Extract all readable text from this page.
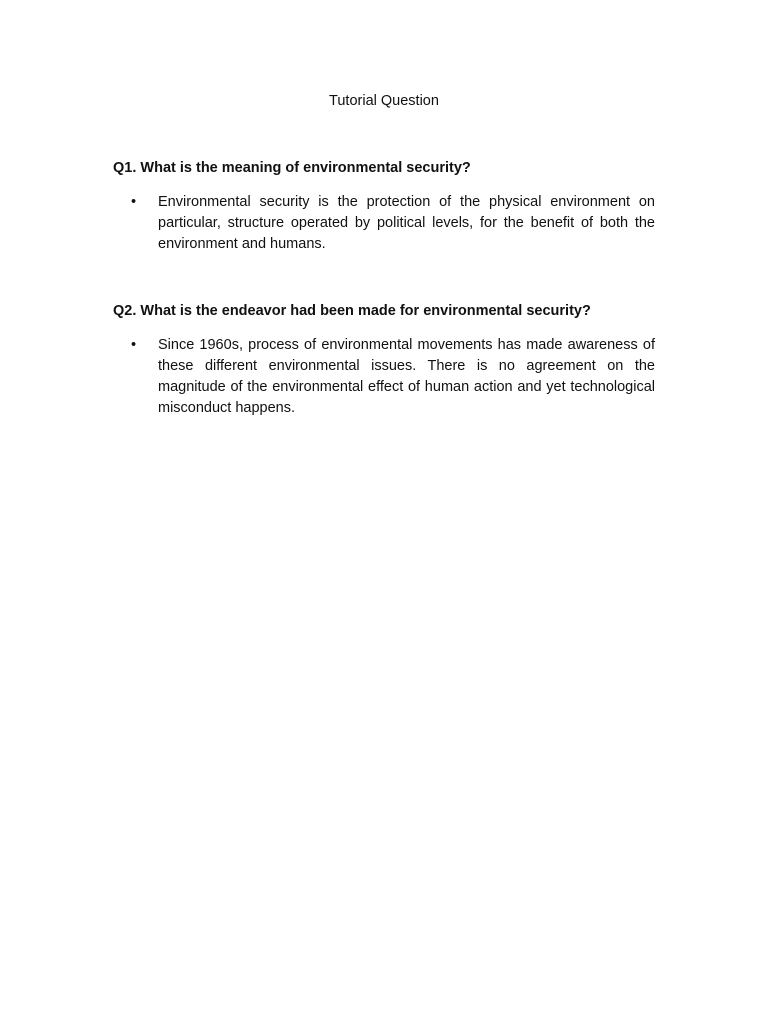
Tutorial Question
Q1. What is the meaning of environmental security?
• Environmental security is the protection of the physical environment on particular, structure operated by political levels, for the benefit of both the environment and humans.
Q2. What is the endeavor had been made for environmental security?
• Since 1960s, process of environmental movements has made awareness of these different environmental issues. There is no agreement on the magnitude of the environmental effect of human action and yet technological misconduct happens.
